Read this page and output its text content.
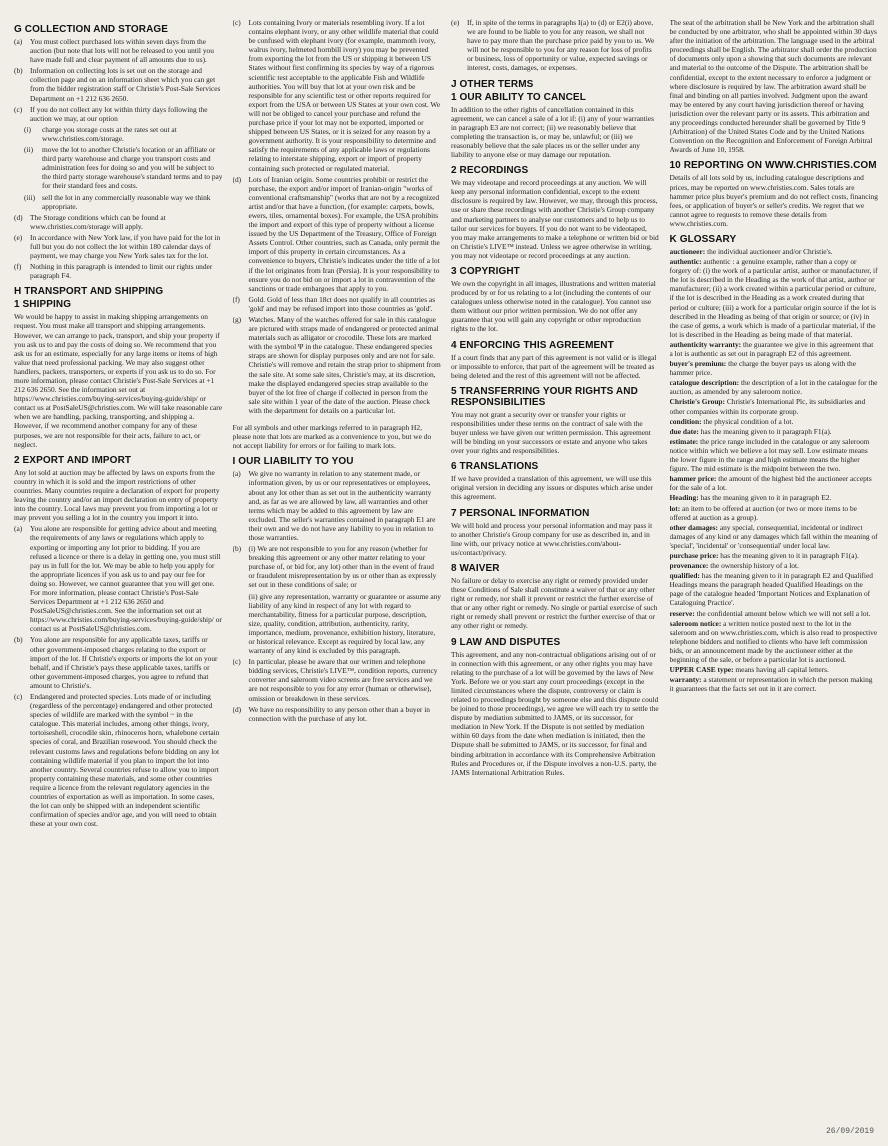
G COLLECTION AND STORAGE
(a)	You must collect purchased lots within seven days from the auction (but note that lots will not be released to you until you have made full and clear payment of all amounts due to us).
(b) Information on collecting lots is set out on the storage and collection page and on an information sheet which you can get from the bidder registration staff or Christie's Post-Sale Services Department on +1 212 636 2650.
(c)	If you do not collect any lot within thirty days following the auction we may, at our option
(i)	charge you storage costs at the rates set out at www.christies.com/storage.
(ii)	move the lot to another Christie's location or an affiliate or third party warehouse and charge you transport costs and administration fees for doing so and you will be subject to the third party storage warehouse's standard terms and to pay for their standard fees and costs.
(iii) sell the lot in any commercially reasonable way we think appropriate.
(d) The Storage conditions which can be found at www.christies.com/storage will apply.
(e)	In accordance with New York law, if you have paid for the lot in full but you do not collect the lot within 180 calendar days of payment, we may charge you New York sales tax for the lot.
(f)	Nothing in this paragraph is intended to limit our rights under paragraph F4.
H TRANSPORT AND SHIPPING
1 SHIPPING

We would be happy to assist in making shipping arrangements on request. You must make all transport and shipping arrangements. However, we can arrange to pack, transport, and ship your property if you ask us to and pay the costs of doing so. We recommend that you ask us for an estimate, especially for any large items or items of high value that need professional packing. We may also suggest other handlers, packers, transporters, or experts if you ask us to do so. For more information, please contact Christie's Post-Sale Services at +1 212 636 2650. See the information set out at https://www.christies.com/buying-services/buying-guide/ship/ or contact us at PostSaleUS@christies.com. We will take reasonable care when we are handling, packing, transporting, and shipping a. However, if we recommend another company for any of these purposes, we are not responsible for their acts, failure to act, or neglect.

2 EXPORT AND IMPORT

Any lot sold at auction may be affected by laws on exports from the country in which it is sold and the import restrictions of other countries. Many countries require a declaration of export for property leaving the country and/or an import declaration on entry of property into the country. Local laws may prevent you from importing a lot or may prevent you selling a lot in the country you import it into.

(a)	You alone are responsible for getting advice about and meeting the requirements of any laws or regulations which apply to exporting or importing any lot prior to bidding. If you are refused a licence or there is a delay in getting one, you must still pay us in full for the lot. We may be able to help you apply for the appropriate licences if you ask us to and pay our fee for doing so. However, we cannot guarantee that you will get one. For more information, please contact Christie's Post-Sale Services Department at +1 212 636 2650 and PostSaleUS@christies.com. See the information set out at https://www.christies.com/buying-services/buying-guide/ship/ or contact us at PostSaleUS@christies.com.
(b) You alone are responsible for any applicable taxes, tariffs or other government-imposed charges relating to the export or import of the lot. If Christie's exports or imports the lot on your behalf, and if Christie's pays these applicable taxes, tariffs or other government-imposed charges, you agree to refund that amount to Christie's.
(c)	Endangered and protected species. Lots made of or including (regardless of the percentage) endangered and other protected species of wildlife are marked with the symbol ~ in the catalogue. This material includes, among other things, ivory, tortoiseshell, crocodile skin, rhinoceros horn, whalebone certain species of coral, and Brazilian rosewood. You should check the relevant customs laws and regulations before bidding on any lot containing wildlife material if you plan to import the lot into another country. Several countries refuse to allow you to import property containing these materials, and some other countries require a licence from the relevant regulatory agencies in the countries of exportation as well as importation. In some cases, the lot can only be shipped with an independent scientific confirmation of species and/or age, and you will need to obtain these at your own cost.
(c)	Lots containing Ivory or materials resembling ivory. If a lot contains elephant ivory, or any other wildlife material that could be confused with elephant ivory (for example, mammoth ivory, walrus ivory, helmeted hornbill ivory) you may be prevented from exporting the lot from the US or shipping it between US States without first confirming its species by way of a rigorous scientific test acceptable to the applicable Fish and Wildlife authorities. You will buy that lot at your own risk and be responsible for any scientific test or other reports required for export from the USA or between US States at your own cost. We will not be obliged to cancel your purchase and refund the purchase price if your lot may not be exported, imported or shipped between US States, or it is seized for any reason by a government authority. It is your responsibility to determine and satisfy the requirements of any applicable laws or regulations relating to interstate shipping, export or import of property containing such protected or regulated material.
(d) Lots of Iranian origin. Some countries prohibit or restrict the purchase, the export and/or import of Iranian-origin "works of conventional craftsmanship" (works that are not by a recognized artist and/or that have a function, (for example: carpets, bowls, ewers, tiles, ornamental boxes). For example, the USA prohibits the import and export of this type of property without a license issued by the US Department of the Treasury, Office of Foreign Assets Control. Other countries, such as Canada, only permit the import of this property in certain circumstances. As a convenience to buyers, Christie's indicates under the title of a lot if the lot originates from Iran (Persia). It is your responsibility to ensure you do not bid on or import a lot in contravention of the sanctions or trade embargoes that apply to you.
(f)	Gold. Gold of less than 18ct does not qualify in all countries as 'gold' and may be refused import into those countries as 'gold'.
(g) Watches. Many of the watches offered for sale in this catalogue are pictured with straps made of endangered or protected animal materials such as alligator or crocodile. These lots are marked with the symbol Ψ in the catalogue. These endangered species straps are shown for display purposes only and are not for sale. Christie's will remove and retain the strap prior to shipment from the sale site. At some sale sites, Christie's may, at its discretion, make the displayed endangered species strap available to the buyer of the lot free of charge if collected in person from the sale site within 1 year of the date of the auction. Please check with the department for details on a particular lot.

For all symbols and other markings referred to in paragraph H2, please note that lots are marked as a convenience to you, but we do not accept liability for errors or for failing to mark lots.

I OUR LIABILITY TO YOU
(a)	We give no warranty in relation to any statement made, or information given, by us or our representatives or employees, about any lot other than as set out in the authenticity warranty and, as far as we are allowed by law, all warranties and other terms which may be added to this agreement by law are excluded. The seller's warranties contained in paragraph E1 are their own and we do not have any liability to you in relation to those warranties.
(b) (i) We are not responsible to you for any reason (whether for breaking this agreement or any other matter relating to your purchase of, or bid for, any lot) other than in the event of fraud or fraudulent misrepresentation by us or other than as expressly set out in these conditions of sale; or
(ii) give any representation, warranty or guarantee or assume any liability of any kind in respect of any lot with regard to merchantability, fitness for a particular purpose, description, size, quality, condition, attribution, authenticity, rarity, importance, medium, provenance, exhibition history, literature, or historical relevance. Except as required by local law, any warranty of any kind is excluded by this paragraph.
(c)	In particular, please be aware that our written and telephone bidding services, Christie's LIVE™, condition reports, currency converter and saleroom video screens are free services and we are not responsible to you for any error (human or otherwise), omission or breakdown in these services.
(d) We have no responsibility to any person other than a buyer in connection with the purchase of any lot.
(e)	If, in spite of the terms in paragraphs I(a) to (d) or E2(i) above, we are found to be liable to you for any reason, we shall not have to pay more than the purchase price paid by you to us. We will not be responsible to you for any reason for loss of profits or business, loss of opportunity or value, expected savings or interest, costs, damages, or expenses.
J OTHER TERMS
1 OUR ABILITY TO CANCEL

In addition to the other rights of cancellation contained in this agreement, we can cancel a sale of a lot if: (i) any of your warranties in paragraph E3 are not correct; (ii) we reasonably believe that completing the transaction is, or may be, unlawful; or (iii) we reasonably believe that the sale places us or the seller under any liability to anyone else or may damage our reputation.

2 RECORDINGS

We may videotape and record proceedings at any auction. We will keep any personal information confidential, except to the extent disclosure is required by law. However, we may, through this process, use or share these recordings with another Christie's Group company and marketing partners to analyse our customers and to help us to tailor our services for buyers. If you do not want to be videotaped, you may make arrangements to make a telephone or written bid or bid on Christie's LIVE™ instead. Unless we agree otherwise in writing, you may not videotape or record proceedings at any auction.

3 COPYRIGHT

We own the copyright in all images, illustrations and written material produced by or for us relating to a lot (including the contents of our catalogues unless otherwise noted in the catalogue). You cannot use them without our prior written permission. We do not offer any guarantee that you will gain any copyright or other reproduction rights to the lot.

4 ENFORCING THIS AGREEMENT

If a court finds that any part of this agreement is not valid or is illegal or impossible to enforce, that part of the agreement will be treated as being deleted and the rest of this agreement will not be affected.

5 TRANSFERRING YOUR RIGHTS AND RESPONSIBILITIES

You may not grant a security over or transfer your rights or responsibilities under these terms on the contract of sale with the buyer unless we have given our written permission. This agreement will be binding on your successors or estate and anyone who takes over your rights and responsibilities.

6 TRANSLATIONS

If we have provided a translation of this agreement, we will use this original version in deciding any issues or disputes which arise under this agreement.

7 PERSONAL INFORMATION

We will hold and process your personal information and may pass it to another Christie's Group company for use as described in, and in line with, our privacy notice at www.christies.com/about-us/contact/privacy.

8 WAIVER

No failure or delay to exercise any right or remedy provided under these Conditions of Sale shall constitute a waiver of that or any other right or remedy, nor shall it prevent or restrict the further exercise of that or any other right or remedy. No single or partial exercise of such right or remedy shall prevent or restrict the further exercise of that or any other right or remedy.

9 LAW AND DISPUTES

This agreement, and any non-contractual obligations arising out of or in connection with this agreement, or any other rights you may have relating to the purchase of a lot will be governed by the laws of New York. Before we or you start any court proceedings (except in the limited circumstances where the dispute, controversy or claim is related to proceedings brought by someone else and this dispute could be joined to those proceedings), we agree we will each try to settle the dispute by mediation submitted to JAMS, or its successor, for mediation in New York. If the Dispute is not settled by mediation within 60 days from the date when mediation is initiated, then the Dispute shall be submitted to JAMS, or its successor, for final and binding arbitration in accordance with its Comprehensive Arbitration Rules and Procedures or, if the Dispute involves a non-U.S. party, the JAMS International Arbitration Rules.

The seat of the arbitration shall be New York and the arbitration shall be conducted by one arbitrator, who shall be appointed within 30 days after the initiation of the arbitration. The language used in the arbitral proceedings shall be English. The arbitrator shall order the production of documents only upon a showing that such documents are relevant and material to the outcome of the Dispute. The arbitration shall be confidential, except to the extent necessary to enforce a judgment or where disclosure is required by law. The arbitration award shall be final and binding on all parties involved. Judgment upon the award may be entered by any court having jurisdiction thereof or having jurisdiction over the relevant party or its assets. This arbitration and any proceedings conducted hereunder shall be governed by Title 9 (Arbitration) of the United States Code and by the United Nations Convention on the Recognition and Enforcement of Foreign Arbitral Awards of June 10, 1958.

10 REPORTING ON WWW.CHRISTIES.COM

Details of all lots sold by us, including catalogue descriptions and prices, may be reported on www.christies.com. Sales totals are hammer price plus buyer's premium and do not reflect costs, financing fees, or application of buyer's or seller's credits. We regret that we cannot agree to requests to remove these details from www.christies.com.

K GLOSSARY

auctioneer: the individual auctioneer and/or Christie's.

authentic: authentic : a genuine example, rather than a copy or forgery of: (i) the work of a particular artist, author or manufacturer, if the lot is described in the Heading as the work of that artist, author or manufacturer; (ii) a work created within a particular period or culture, if the lot is described in the Heading as a work created during that period or culture; (iii) a work for a particular origin source if the lot is described in the Heading as being of that origin or source; or (iv) in the case of gems, a work which is made of a particular material, if the lot is described in the Heading as being made of that material.

authenticity warranty: the guarantee we give in this agreement that a lot is authentic as set out in paragraph E2 of this agreement.

buyer's premium: the charge the buyer pays us along with the hammer price.

catalogue description: the description of a lot in the catalogue for the auction, as amended by any saleroom notice.

Christie's Group: Christie's International Plc, its subsidiaries and other companies within its corporate group.

condition: the physical condition of a lot.

due date: has the meaning given to it paragraph F1(a).

estimate: the price range included in the catalogue or any saleroom notice within which we believe a lot may sell. Low estimate means the lower figure in the range and high estimate means the higher figure. The mid estimate is the midpoint between the two.

hammer price: the amount of the highest bid the auctioneer accepts for the sale of a lot.

Heading: has the meaning given to it in paragraph E2.

lot: an item to be offered at auction (or two or more items to be offered at auction as a group).

other damages: any special, consequential, incidental or indirect damages of any kind or any damages which fall within the meaning of 'special', 'incidental' or 'consequential' under local law.

purchase price: has the meaning given to it in paragraph F1(a).

provenance: the ownership history of a lot.

qualified: has the meaning given to it in paragraph E2 and Qualified Headings means the paragraph headed Qualified Headings on the page of the catalogue headed 'Important Notices and Explanation of Cataloguing Practice'.

reserve: the confidential amount below which we will not sell a lot.

saleroom notice: a written notice posted next to the lot in the saleroom and on www.christies.com, which is also read to prospective telephone bidders and notified to clients who have left commission bids, or an announcement made by the auctioneer either at the beginning of the sale, or before a particular lot is auctioned.

UPPER CASE type: means having all capital letters.

warranty: a statement or representation in which the person making it guarantees that the facts set out in it are correct.

26/09/2019
